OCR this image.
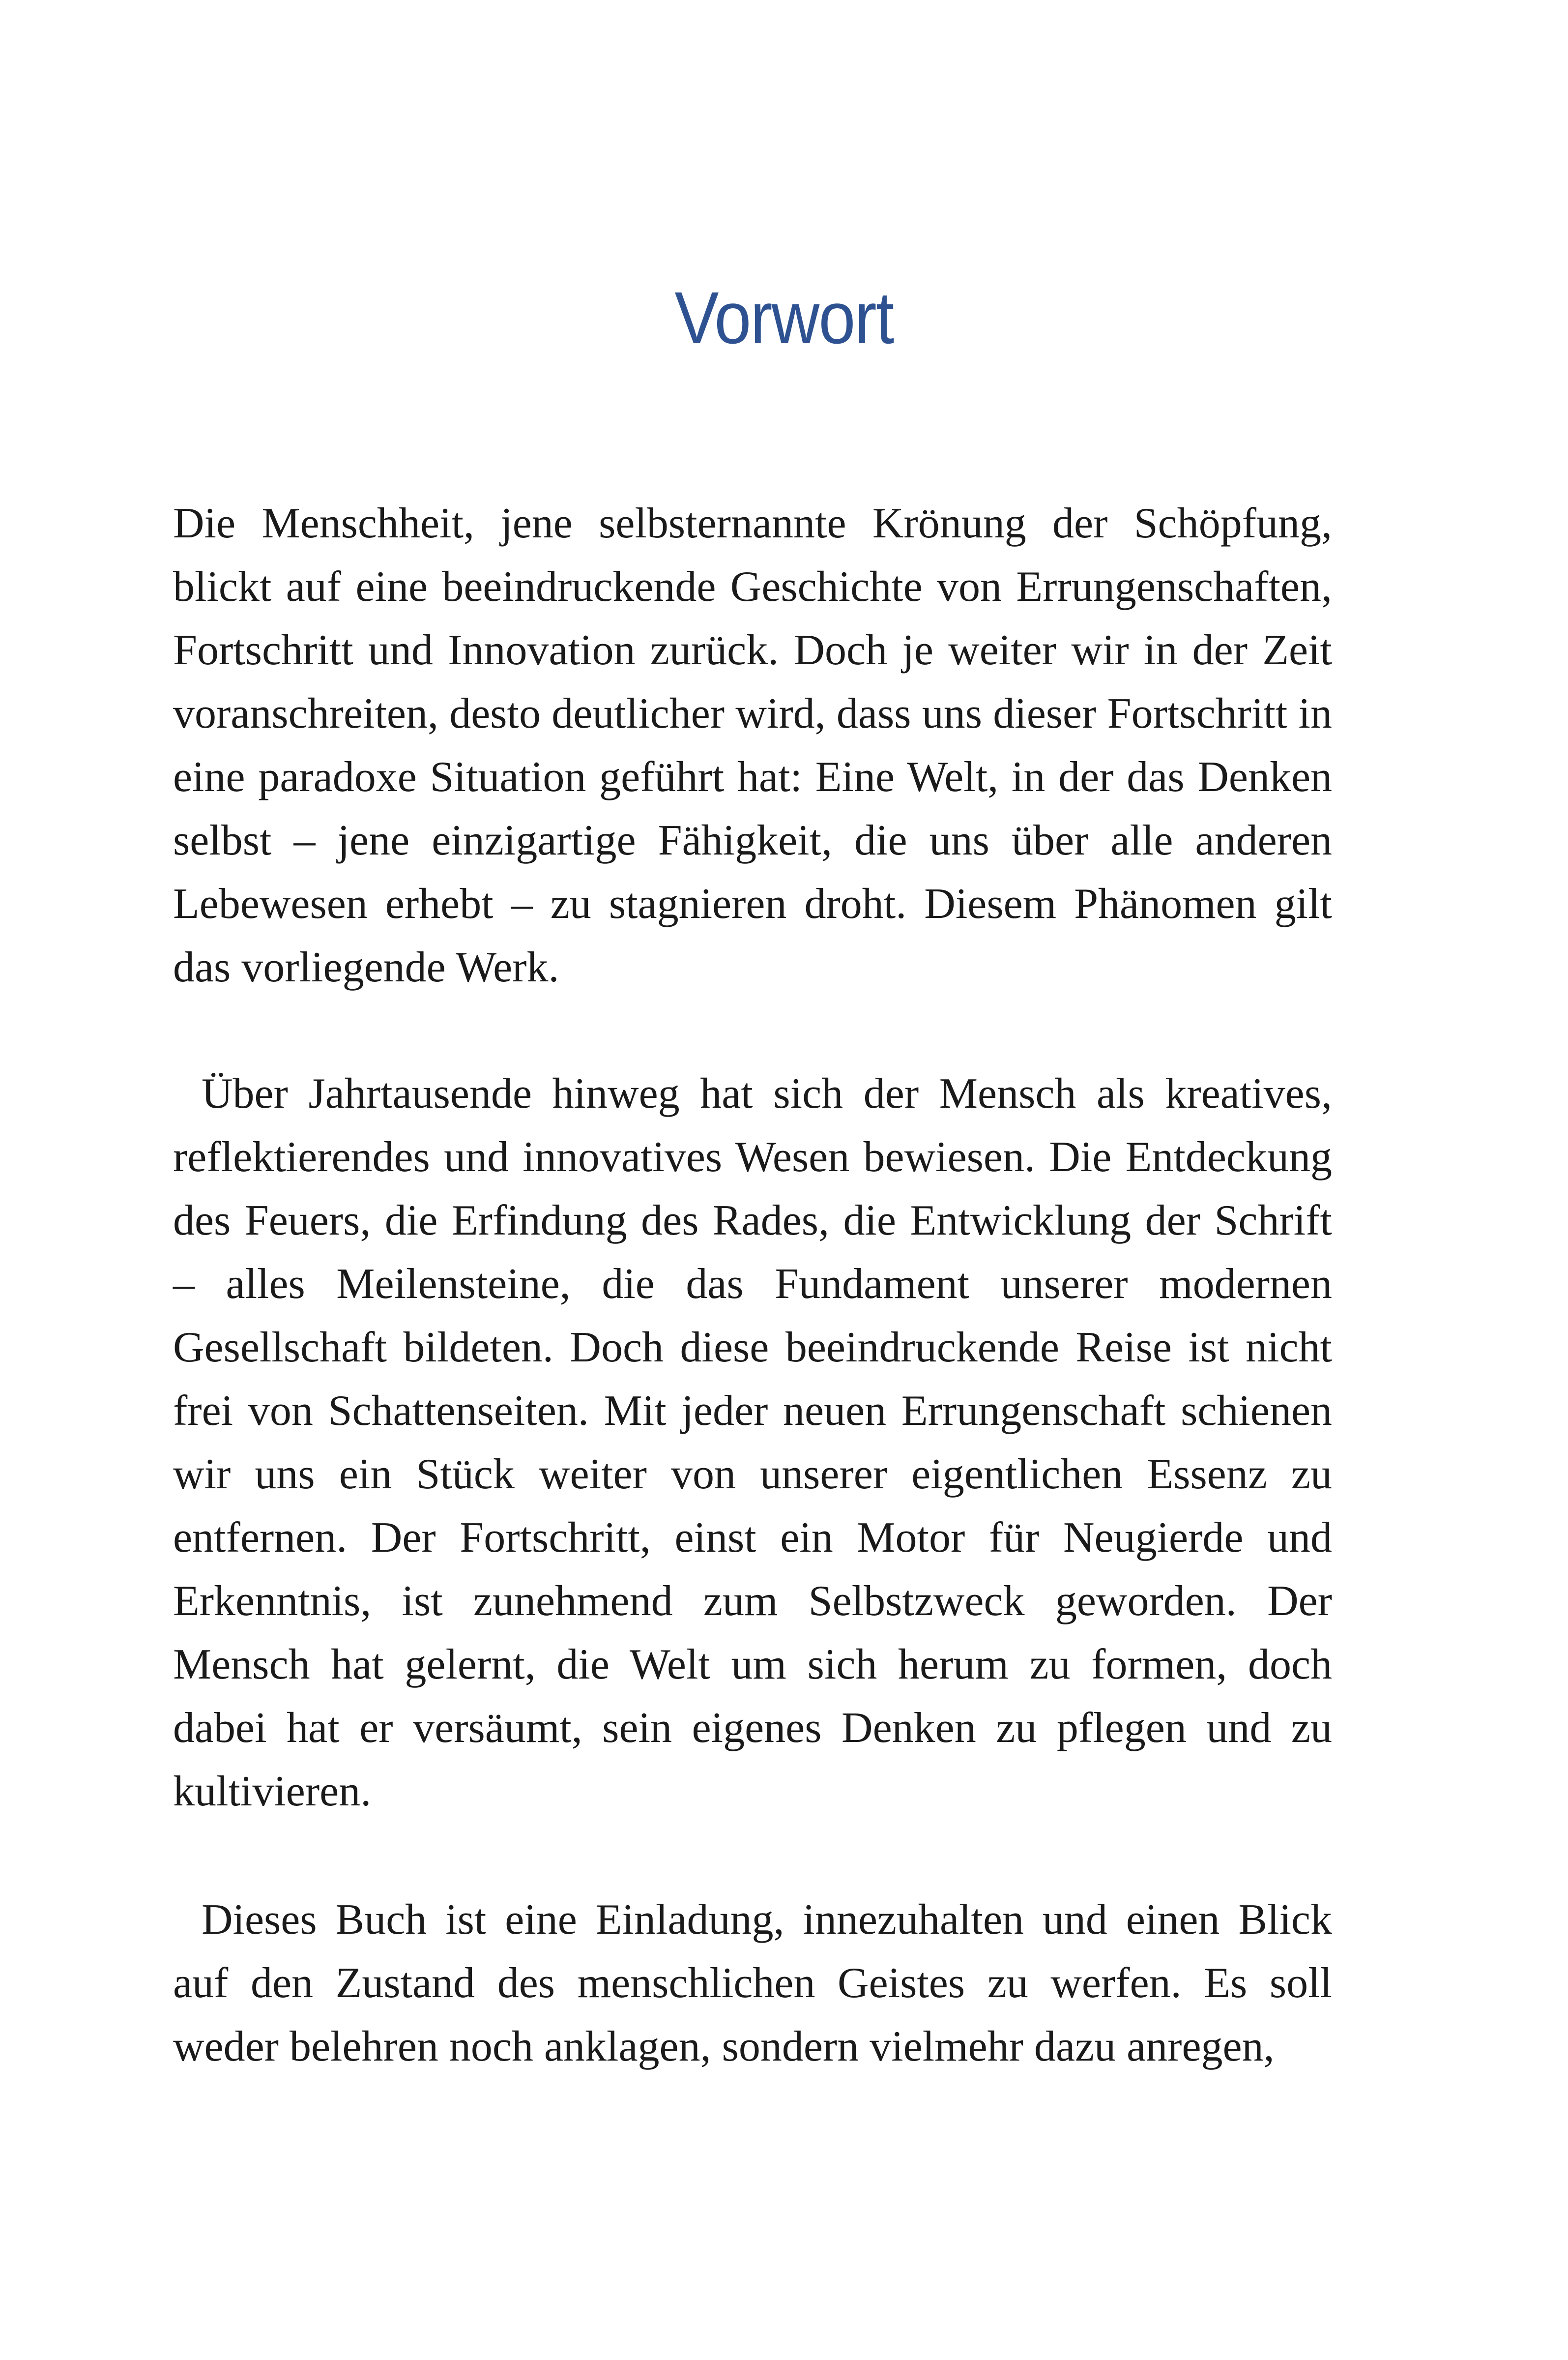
Vorwort

Die Menschheit, jene selbsternannte Krönung der Schöpfung, blickt auf eine beeindruckende Geschichte von Errungenschaften, Fortschritt und Innovation zurück. Doch je weiter wir in der Zeit voranschreiten, desto deutlicher wird, dass uns dieser Fortschritt in eine paradoxe Situation geführt hat: Eine Welt, in der das Denken selbst – jene einzigartige Fähigkeit, die uns über alle anderen Lebewesen erhebt – zu stagnieren droht. Diesem Phänomen gilt das vorliegende Werk.

Über Jahrtausende hinweg hat sich der Mensch als kreatives, reflektierendes und innovatives Wesen bewiesen. Die Entdeckung des Feuers, die Erfindung des Rades, die Entwicklung der Schrift – alles Meilensteine, die das Fundament unserer modernen Gesellschaft bildeten. Doch diese beeindruckende Reise ist nicht frei von Schattenseiten. Mit jeder neuen Errungenschaft schienen wir uns ein Stück weiter von unserer eigentlichen Essenz zu entfernen. Der Fortschritt, einst ein Motor für Neugierde und Erkenntnis, ist zunehmend zum Selbstzweck geworden. Der Mensch hat gelernt, die Welt um sich herum zu formen, doch dabei hat er versäumt, sein eigenes Denken zu pflegen und zu kultivieren.

Dieses Buch ist eine Einladung, innezuhalten und einen Blick auf den Zustand des menschlichen Geistes zu werfen. Es soll weder belehren noch anklagen, sondern vielmehr dazu anregen,
